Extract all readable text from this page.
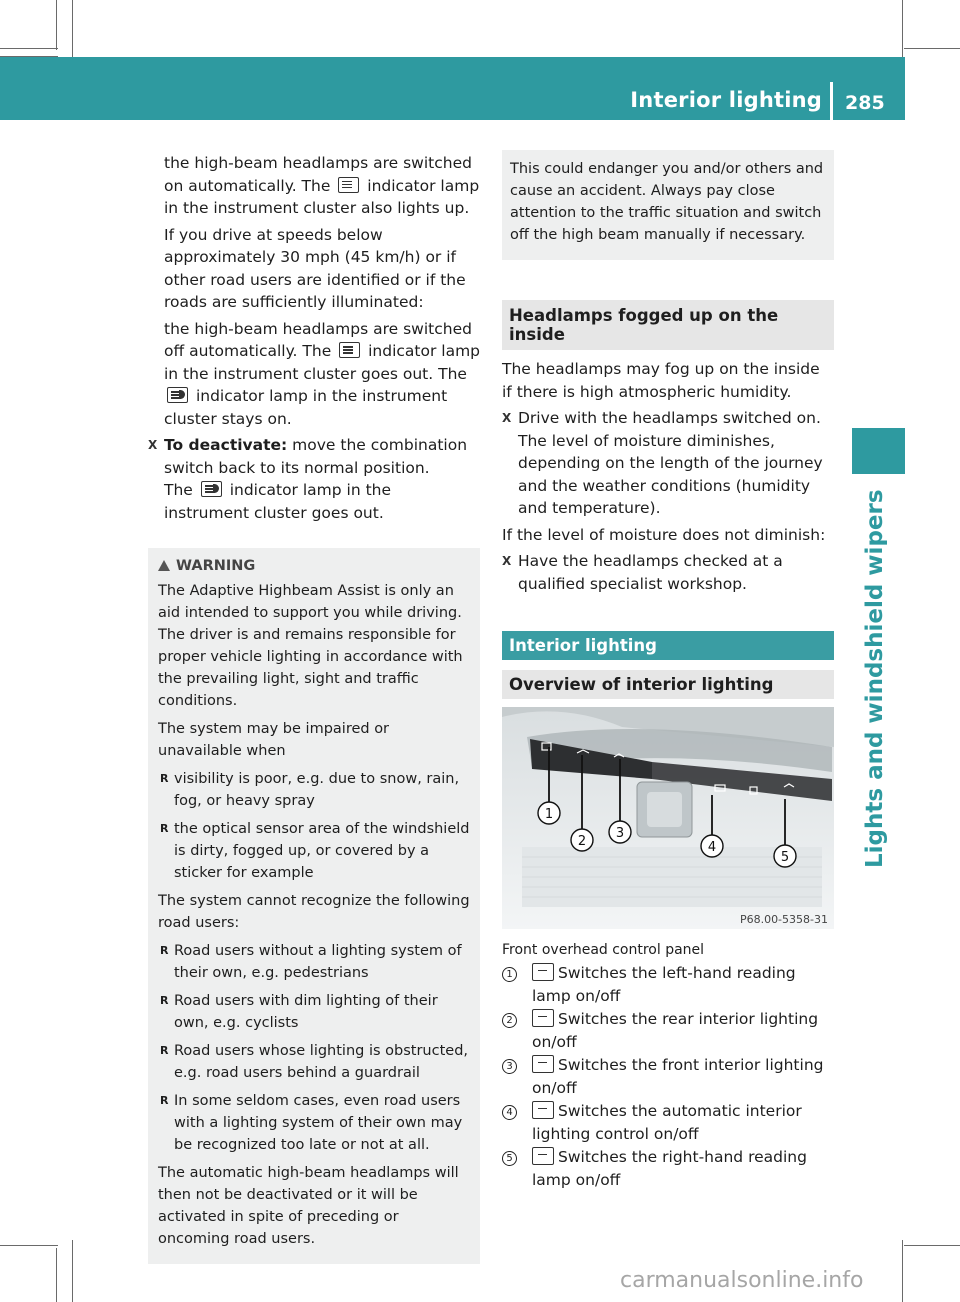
Interior lighting 285
Lights and windshield wipers
the high-beam headlamps are switched on automatically. The indicator lamp in the instrument cluster also lights up.
If you drive at speeds below approximately 30 mph (45 km/h) or if other road users are identified or if the roads are sufficiently illuminated:
the high-beam headlamps are switched off automatically. The indicator lamp in the instrument cluster goes out. The  indicator lamp in the instrument cluster stays on.
X To deactivate: move the combination switch back to its normal position.
The indicator lamp in the instrument cluster goes out.
WARNING
The Adaptive Highbeam Assist is only an aid intended to support you while driving. The driver is and remains responsible for proper vehicle lighting in accordance with the prevailing light, sight and traffic conditions.
The system may be impaired or unavailable when
R visibility is poor, e.g. due to snow, rain, fog, or heavy spray
R the optical sensor area of the windshield is dirty, fogged up, or covered by a sticker for example
The system cannot recognize the following road users:
R Road users without a lighting system of their own, e.g. pedestrians
R Road users with dim lighting of their own, e.g. cyclists
R Road users whose lighting is obstructed, e.g. road users behind a guardrail
R In some seldom cases, even road users with a lighting system of their own may be recognized too late or not at all.
The automatic high-beam headlamps will then not be deactivated or it will be activated in spite of preceding or oncoming road users.
This could endanger you and/or others and cause an accident. Always pay close attention to the traffic situation and switch off the high beam manually if necessary.
Headlamps fogged up on the inside
The headlamps may fog up on the inside if there is high atmospheric humidity.
X Drive with the headlamps switched on. The level of moisture diminishes, depending on the length of the journey and the weather conditions (humidity and temperature).
If the level of moisture does not diminish:
X Have the headlamps checked at a qualified specialist workshop.
Interior lighting
Overview of interior lighting
1
2
3
4
5
P68.00-5358-31
Front overhead control panel
1	Switches the left-hand reading lamp on/off
2	Switches the rear interior lighting on/off
3	Switches the front interior lighting on/off
4	Switches the automatic interior lighting control on/off
5	Switches the right-hand reading lamp on/off
carmanualsonline.info
